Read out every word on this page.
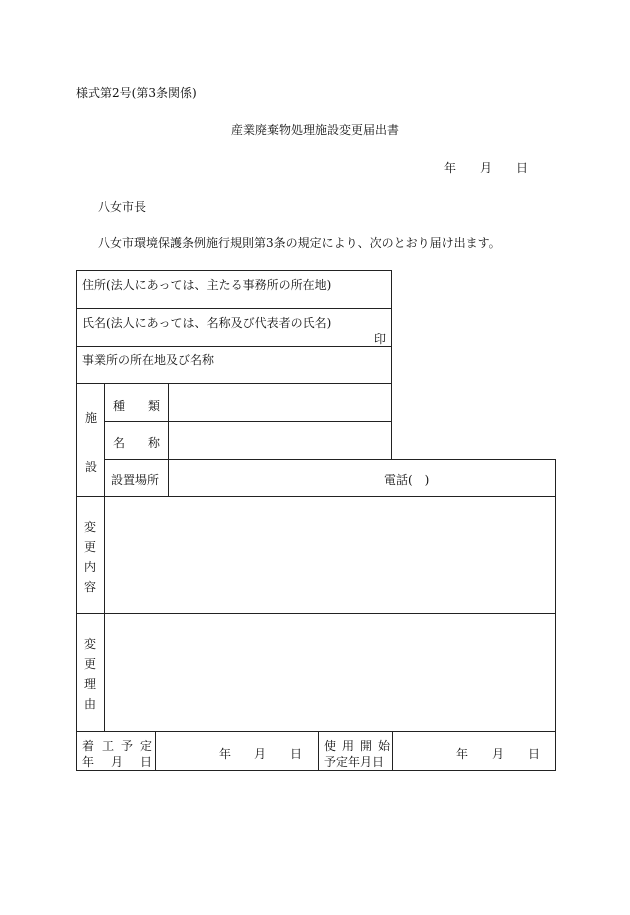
様式第2号(第3条関係)
産業廃棄物処理施設変更届出書
年 月 日
八女市長
八女市環境保護条例施行規則第3条の規定により、次のとおり届け出ます。
住所(法人にあっては、主たる事務所の所在地)
氏名(法人にあっては、名称及び代表者の氏名)
印
事業所の所在地及び名称
施
設
種 類
名 称
設置場所	電話(　)
変
更
内
容
変
更
理
由
着 工 予 定
年 月 日
年 月 日
使 用 開 始
予定年月日
年 月 日
